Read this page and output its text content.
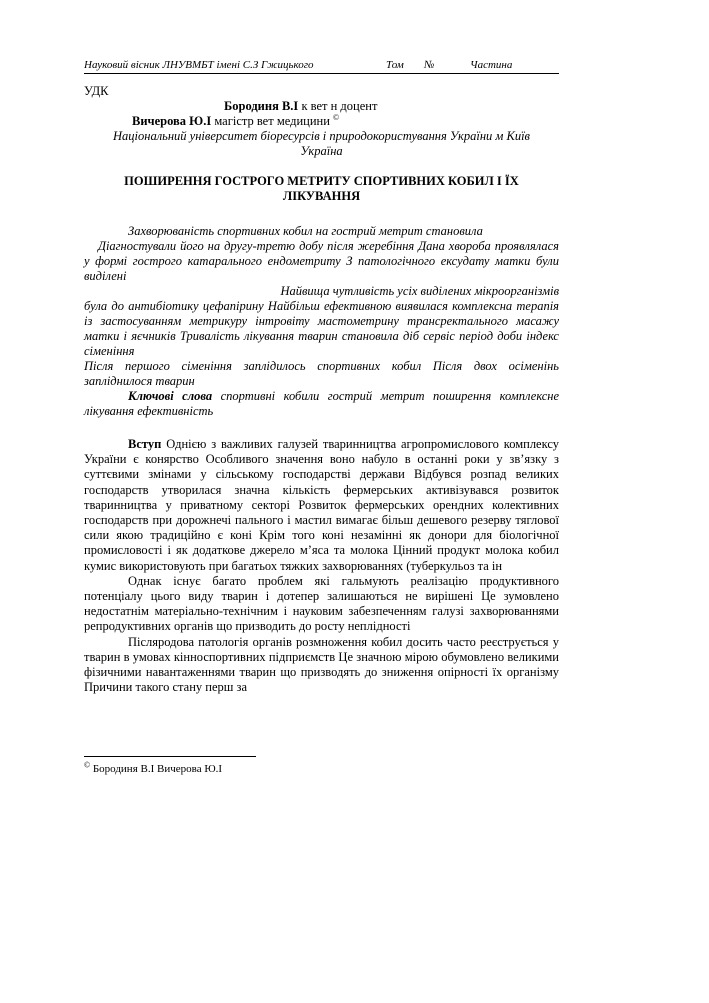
Науковий вісник ЛНУВМБТ імені С.З Гжицького	Том	№	Частина
УДК
Бородиня В.І к вет н доцент
Вичерова Ю.І магістр вет медицини ©
Національний університет біоресурсів і природокористування України м Київ
Україна
ПОШИРЕННЯ ГОСТРОГО МЕТРИТУ СПОРТИВНИХ КОБИЛ І ЇХ ЛІКУВАННЯ

Захворюваність спортивних кобил на гострий метрит становила

Діагностували його на другу-третю добу після жеребіння Дана хвороба проявлялася у формі гострого катарального ендометриту З патологічного ексудату матки були виділені

Найвища чутливість усіх виділених мікроорганізмів

була до антибіотику цефапірину Найбільш ефективною виявилася комплексна терапія із застосуванням метрикуру інтровіту мастометрину трансректального масажу матки і яєчників Тривалість лікування тварин становила діб сервіс період доби індекс сіменіння

Після першого сіменіння заплідилось спортивних кобил Після двох осіменінь запліднилося тварин

Ключові слова спортивні кобили гострий метрит поширення комплексне лікування ефективність

Вступ Однією з важливих галузей тваринництва агропромислового комплексу України є конярство Особливого значення воно набуло в останні роки у зв’язку з суттєвими змінами у сільському господарстві держави Відбувся розпад великих господарств утворилася значна кількість фермерських активізувався розвиток тваринництва у приватному секторі Розвиток фермерських орендних колективних господарств при дорожнечі пального і мастил вимагає більш дешевого резерву тяглової сили якою традиційно є коні Крім того коні незамінні як донори для біологічної промисловості і як додаткове джерело м’яса та молока Цінний продукт молока кобил кумис використовують при багатьох тяжких захворюваннях (туберкульоз та ін

Однак існує багато проблем які гальмують реалізацію продуктивного потенціалу цього виду тварин і дотепер залишаються не вирішені Це зумовлено недостатнім матеріально-технічним і науковим забезпеченням галузі захворюваннями репродуктивних органів що призводить до росту неплідності

Післяродова патологія органів розмноження кобил досить часто реєструється у тварин в умовах кінноспортивних підприємств Це значною мірою обумовлено великими фізичними навантаженнями тварин що призводять до зниження опірності їх організму Причини такого стану перш за

© Бородиня В.І Вичерова Ю.І
